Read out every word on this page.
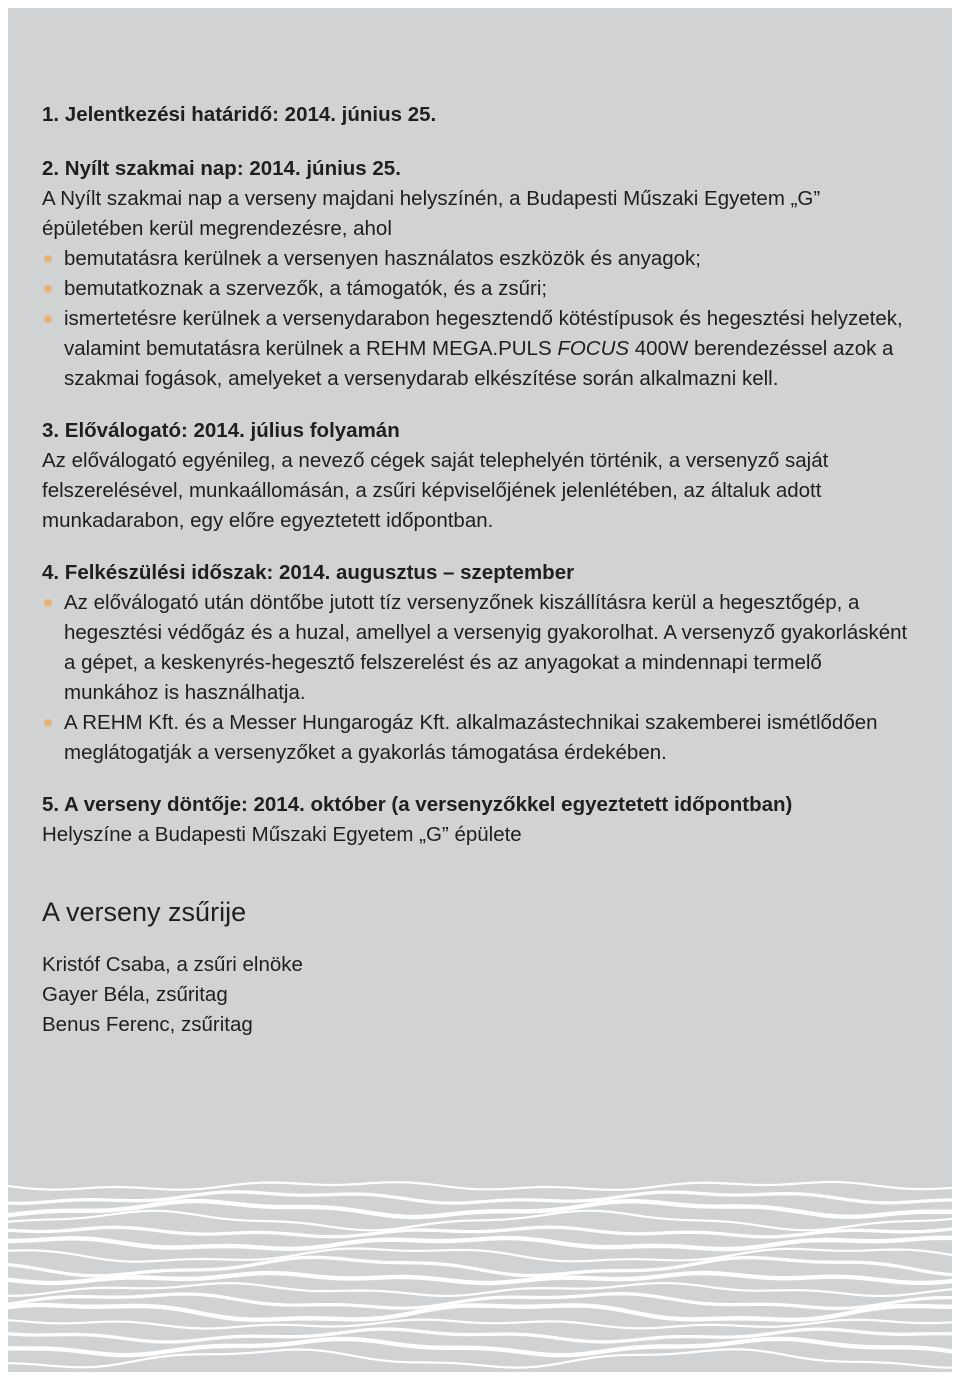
1. Jelentkezési határidő: 2014. június 25.

2. Nyílt szakmai nap: 2014. június 25.

A Nyílt szakmai nap a verseny majdani helyszínén, a Budapesti Műszaki Egyetem „G” épületében kerül megrendezésre, ahol

bemutatásra kerülnek a versenyen használatos eszközök és anyagok;
bemutatkoznak a szervezők, a támogatók, és a zsűri;
ismertetésre kerülnek a versenydarabon hegesztendő kötéstípusok és hegesztési helyzetek, valamint bemutatásra kerülnek a REHM MEGA.PULS FOCUS 400W berendezéssel azok a szakmai fogások, amelyeket a versenydarab elkészítése során alkalmazni kell.

3. Előválogató: 2014. július folyamán

Az előválogató egyénileg, a nevező cégek saját telephelyén történik, a versenyző saját felszerelésével, munkaállomásán, a zsűri képviselőjének jelenlétében, az általuk adott munkadarabon, egy előre egyeztetett időpontban.

4. Felkészülési időszak: 2014. augusztus – szeptember

Az előválogató után döntőbe jutott tíz versenyzőnek kiszállításra kerül a hegesztőgép, a hegesztési védőgáz és a huzal, amellyel a versenyig gyakorolhat. A versenyző gyakorlásként a gépet, a keskenyrés-hegesztő felszerelést és az anyagokat a mindennapi termelő munkához is használhatja.
A REHM Kft. és a Messer Hungarogáz Kft. alkalmazástechnikai szakemberei ismétlődően meglátogatják a versenyzőket a gyakorlás támogatása érdekében.

5. A verseny döntője: 2014. október (a versenyzőkkel egyeztetett időpontban)

Helyszíne a Budapesti Műszaki Egyetem „G” épülete

A verseny zsűrije

Kristóf Csaba, a zsűri elnöke

Gayer Béla, zsűritag

Benus Ferenc, zsűritag
